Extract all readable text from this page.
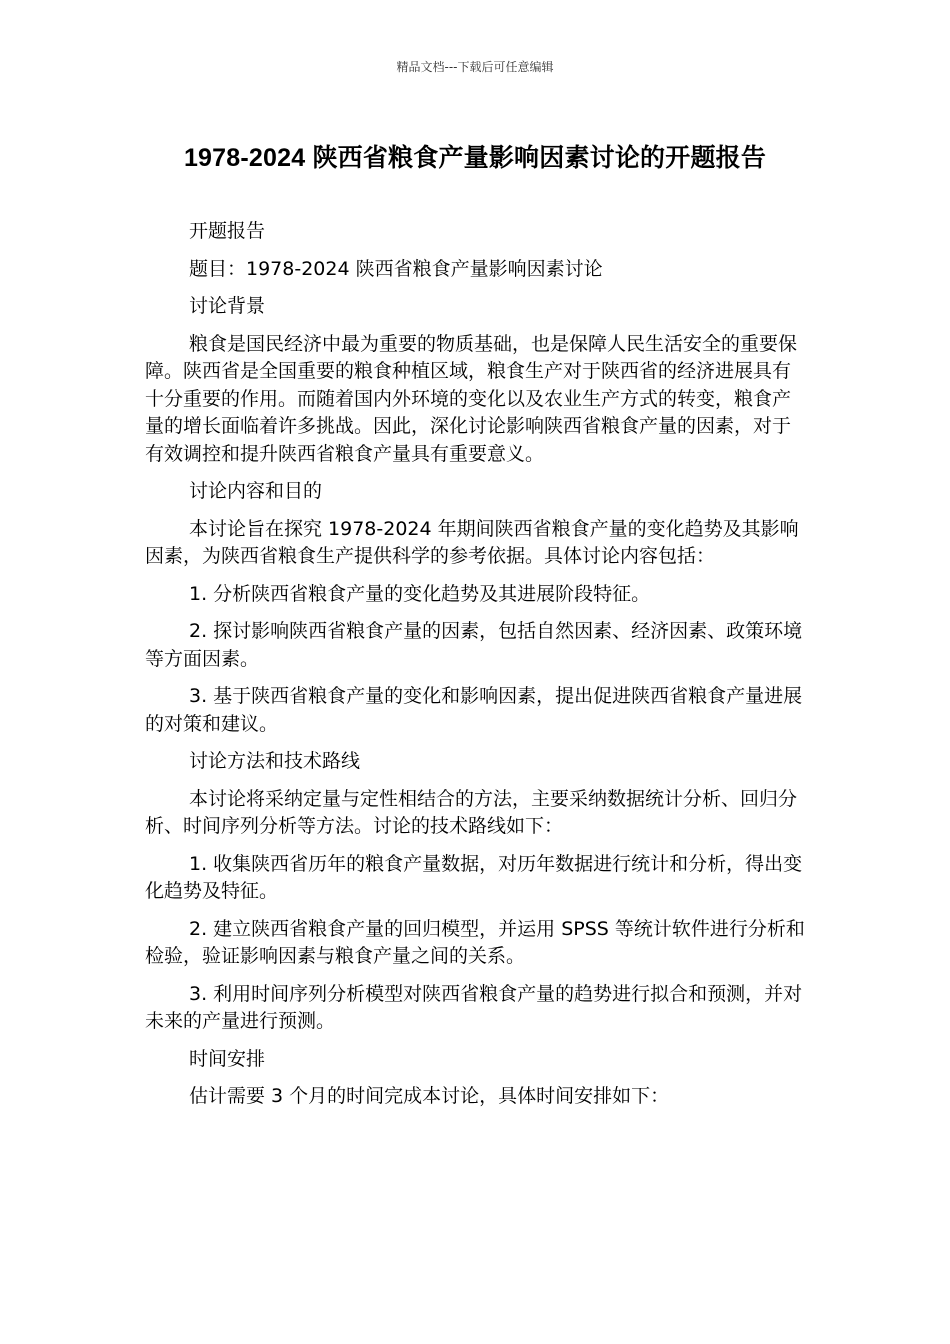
精品文档---下载后可任意编辑
1978-2024 陕西省粮食产量影响因素讨论的开题报告

开题报告

题目：1978-2024 陕西省粮食产量影响因素讨论

讨论背景

粮食是国民经济中最为重要的物质基础，也是保障人民生活安全的重要保障。陕西省是全国重要的粮食种植区域，粮食生产对于陕西省的经济进展具有十分重要的作用。而随着国内外环境的变化以及农业生产方式的转变，粮食产量的增长面临着许多挑战。因此，深化讨论影响陕西省粮食产量的因素，对于有效调控和提升陕西省粮食产量具有重要意义。

讨论内容和目的

本讨论旨在探究 1978-2024 年期间陕西省粮食产量的变化趋势及其影响因素，为陕西省粮食生产提供科学的参考依据。具体讨论内容包括：

1. 分析陕西省粮食产量的变化趋势及其进展阶段特征。

2. 探讨影响陕西省粮食产量的因素，包括自然因素、经济因素、政策环境等方面因素。

3. 基于陕西省粮食产量的变化和影响因素，提出促进陕西省粮食产量进展的对策和建议。

讨论方法和技术路线

本讨论将采纳定量与定性相结合的方法，主要采纳数据统计分析、回归分析、时间序列分析等方法。讨论的技术路线如下：

1. 收集陕西省历年的粮食产量数据，对历年数据进行统计和分析，得出变化趋势及特征。

2. 建立陕西省粮食产量的回归模型，并运用 SPSS 等统计软件进行分析和检验，验证影响因素与粮食产量之间的关系。

3. 利用时间序列分析模型对陕西省粮食产量的趋势进行拟合和预测，并对未来的产量进行预测。

时间安排

估计需要 3 个月的时间完成本讨论，具体时间安排如下：
